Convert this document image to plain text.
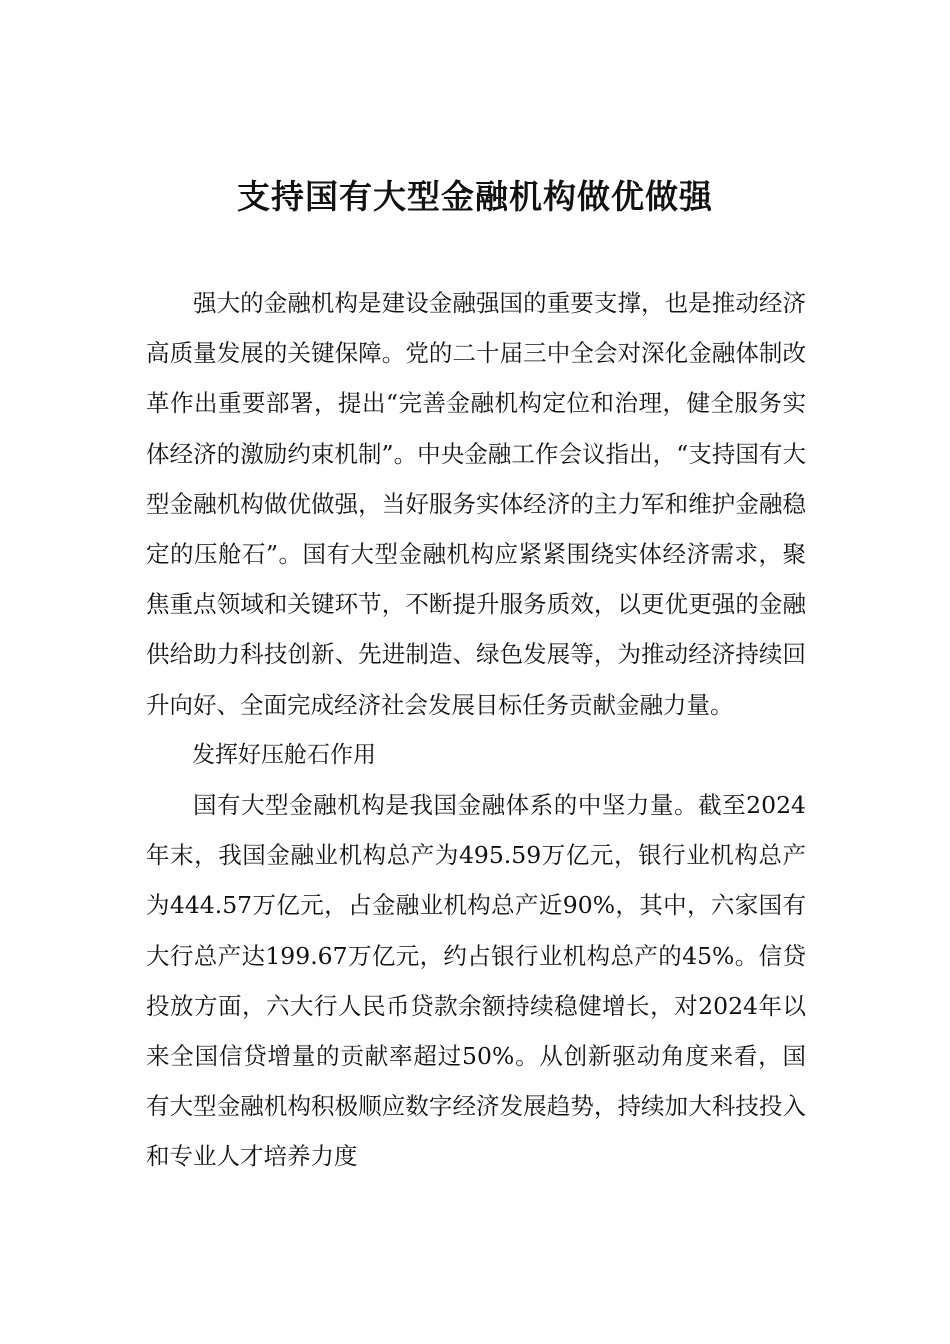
支持国有大型金融机构做优做强

强大的金融机构是建设金融强国的重要支撑，也是推动经济高质量发展的关键保障。党的二十届三中全会对深化金融体制改革作出重要部署，提出“完善金融机构定位和治理，健全服务实体经济的激励约束机制”。中央金融工作会议指出，“支持国有大型金融机构做优做强，当好服务实体经济的主力军和维护金融稳定的压舱石”。国有大型金融机构应紧紧围绕实体经济需求，聚焦重点领域和关键环节，不断提升服务质效，以更优更强的金融供给助力科技创新、先进制造、绿色发展等，为推动经济持续回升向好、全面完成经济社会发展目标任务贡献金融力量。

发挥好压舱石作用

国有大型金融机构是我国金融体系的中坚力量。截至2024年末，我国金融业机构总产为495.59万亿元，银行业机构总产为444.57万亿元，占金融业机构总产近90%，其中，六家国有大行总产达199.67万亿元，约占银行业机构总产的45%。信贷投放方面，六大行人民币贷款余额持续稳健增长，对2024年以来全国信贷增量的贡献率超过50%。从创新驱动角度来看，国有大型金融机构积极顺应数字经济发展趋势，持续加大科技投入和专业人才培养力度
